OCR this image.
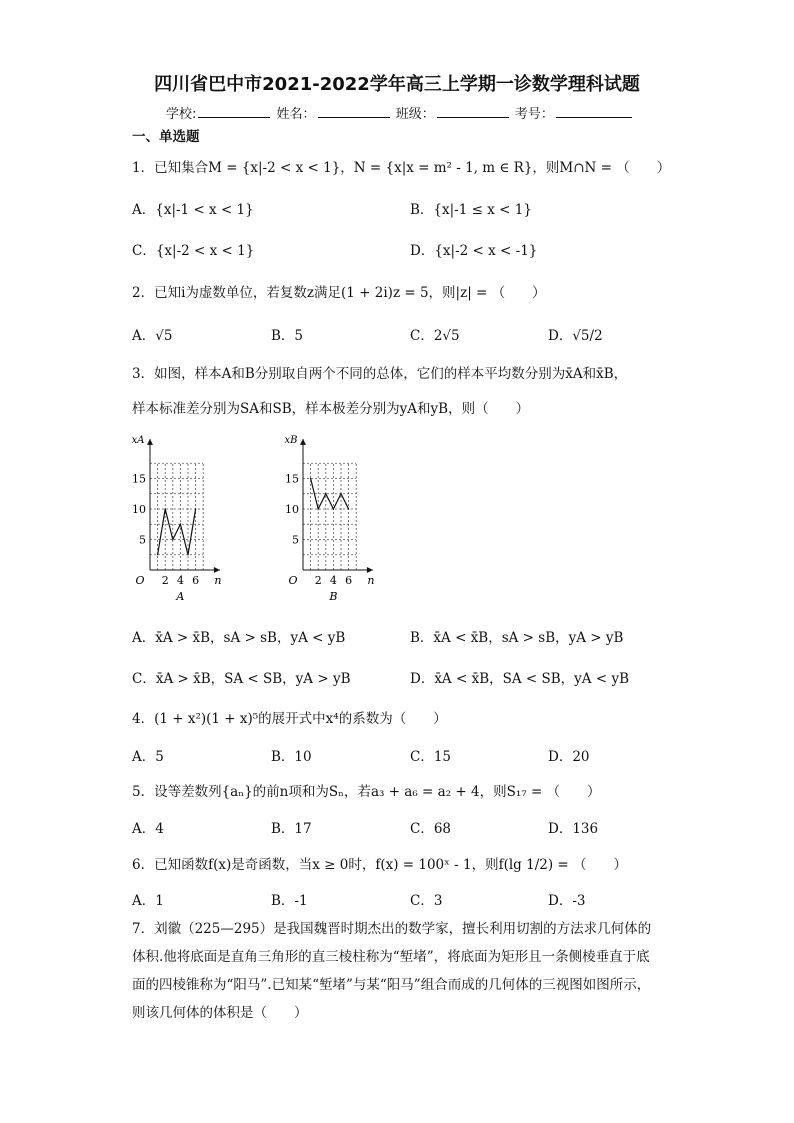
四川省巴中市2021-2022学年高三上学期一诊数学理科试题
学校:	姓名：	班级：	考号：
一、单选题
1．已知集合M = {x|-2 < x < 1}，N = {x|x = m² - 1, m ∈ R}，则M∩N = （　　）
A．{x|-1 < x < 1}	B．{x|-1 ≤ x < 1}
C．{x|-2 < x < 1}	D．{x|-2 < x < -1}
2．已知i为虚数单位，若复数z满足(1 + 2i)z = 5，则|z| = （　　）
A．√5	B．5	C．2√5	D．√5/2
3．如图，样本A和B分别取自两个不同的总体，它们的样本平均数分别为x̄A和x̄B，
样本标准差分别为SA和SB，样本极差分别为yA和yB，则（　　）
2 4 6
5
10
15
O	n
xA
A
2 4 6
5
10
15
O	n
xB
B
A．x̄A > x̄B，sA > sB，yA < yB	B．x̄A < x̄B，sA > sB，yA > yB
C．x̄A > x̄B，SA < SB，yA > yB	D．x̄A < x̄B，SA < SB，yA < yB
4．(1 + x²)(1 + x)⁵的展开式中x⁴的系数为（　　）
A．5	B．10	C．15	D．20
5．设等差数列{aₙ}的前n项和为Sₙ，若a₃ + a₆ = a₂ + 4，则S₁₇ = （　　）
A．4	B．17	C．68	D．136
6．已知函数f(x)是奇函数，当x ≥ 0时，f(x) = 100ˣ - 1，则f(lg 1/2) = （　　）
A．1	B．-1	C．3	D．-3
7．刘徽（225—295）是我国魏晋时期杰出的数学家，擅长利用切割的方法求几何体的体积.他将底面是直角三角形的直三棱柱称为“堑堵”，将底面为矩形且一条侧棱垂直于底面的四棱锥称为“阳马”.已知某“堑堵”与某“阳马”组合而成的几何体的三视图如图所示，则该几何体的体积是（　　）
